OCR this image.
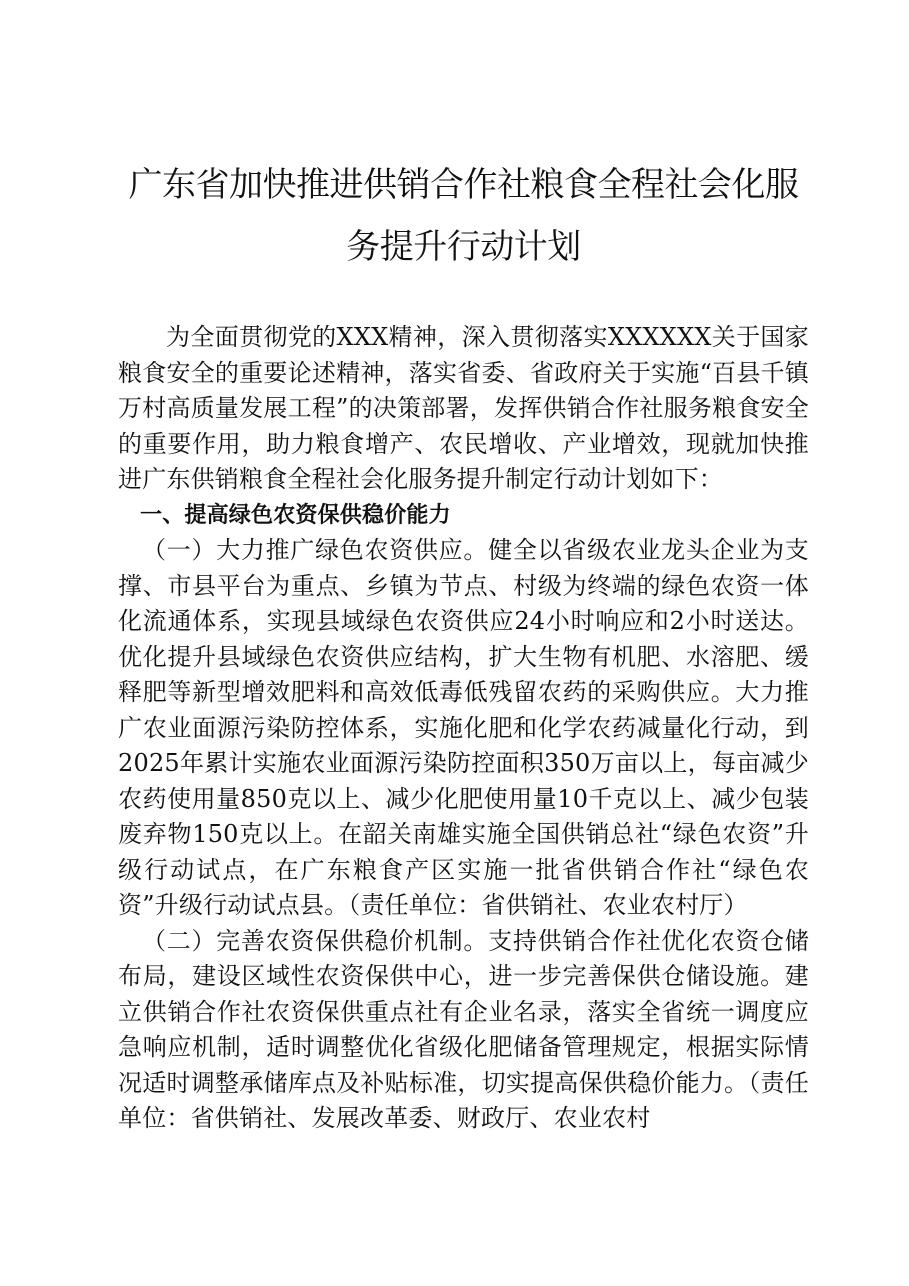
广东省加快推进供销合作社粮食全程社会化服
务提升行动计划

为全面贯彻党的XXX精神，深入贯彻落实XXXXXX关于国家粮食安全的重要论述精神，落实省委、省政府关于实施“百县千镇万村高质量发展工程”的决策部署，发挥供销合作社服务粮食安全的重要作用，助力粮食增产、农民增收、产业增效，现就加快推进广东供销粮食全程社会化服务提升制定行动计划如下：

一、提高绿色农资保供稳价能力

（一）大力推广绿色农资供应。健全以省级农业龙头企业为支撑、市县平台为重点、乡镇为节点、村级为终端的绿色农资一体化流通体系，实现县域绿色农资供应24小时响应和2小时送达。优化提升县域绿色农资供应结构，扩大生物有机肥、水溶肥、缓释肥等新型增效肥料和高效低毒低残留农药的采购供应。大力推广农业面源污染防控体系，实施化肥和化学农药减量化行动，到2025年累计实施农业面源污染防控面积350万亩以上，每亩减少农药使用量850克以上、减少化肥使用量10千克以上、减少包装废弃物150克以上。在韶关南雄实施全国供销总社“绿色农资”升级行动试点，在广东粮食产区实施一批省供销合作社“绿色农资”升级行动试点县。（责任单位：省供销社、农业农村厅）

（二）完善农资保供稳价机制。支持供销合作社优化农资仓储布局，建设区域性农资保供中心，进一步完善保供仓储设施。建立供销合作社农资保供重点社有企业名录，落实全省统一调度应急响应机制，适时调整优化省级化肥储备管理规定，根据实际情况适时调整承储库点及补贴标准，切实提高保供稳价能力。（责任单位：省供销社、发展改革委、财政厅、农业农村
